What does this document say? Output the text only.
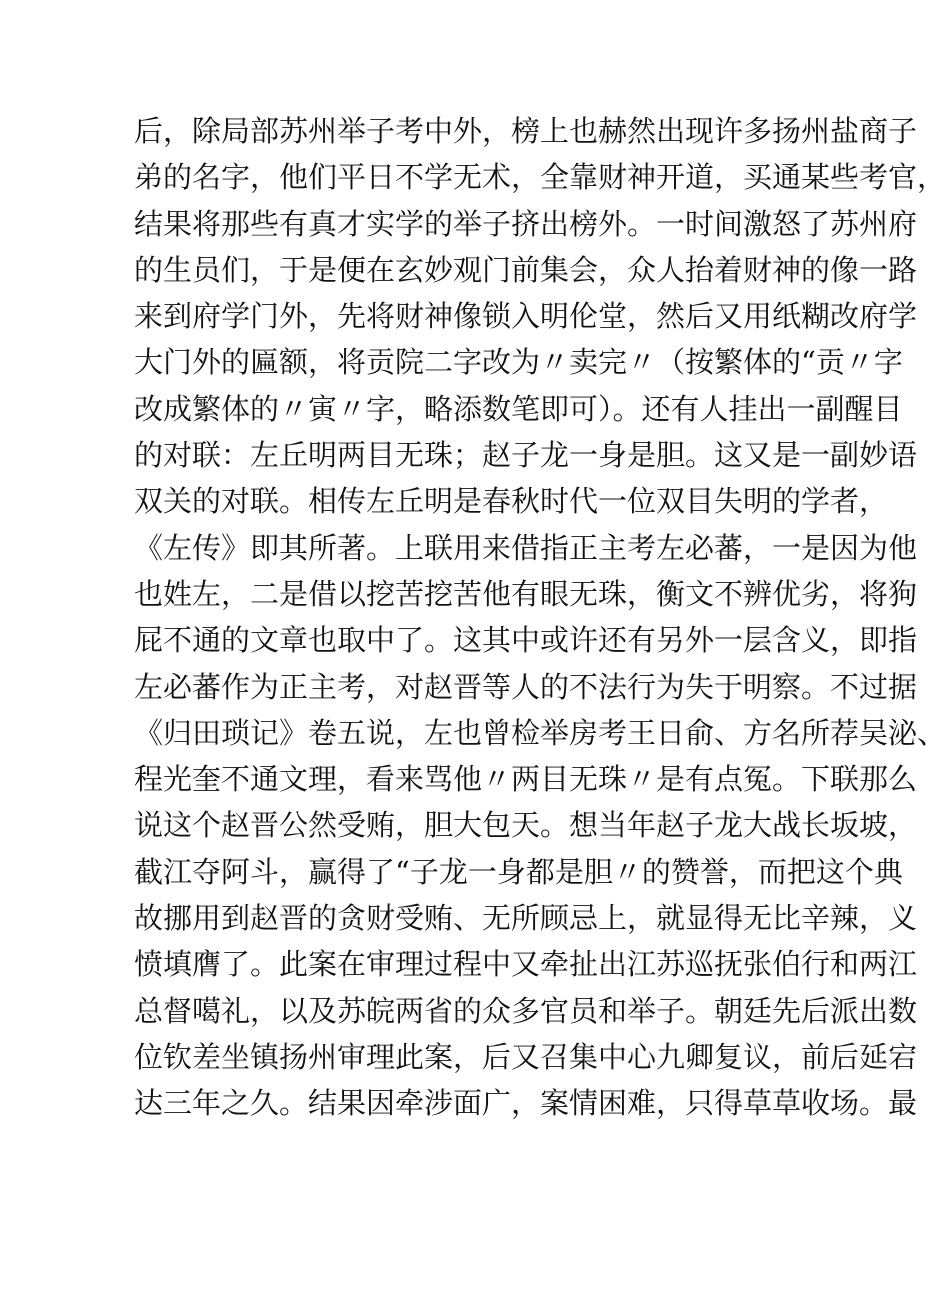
后，除局部苏州举子考中外，榜上也赫然出现许多扬州盐商子
弟的名字，他们平日不学无术，全靠财神开道，买通某些考官，
结果将那些有真才实学的举子挤出榜外。一时间激怒了苏州府
的生员们，于是便在玄妙观门前集会，众人抬着财神的像一路
来到府学门外，先将财神像锁入明伦堂，然后又用纸糊改府学
大门外的匾额，将贡院二字改为〃卖完〃（按繁体的“贡〃字
改成繁体的〃寅〃字，略添数笔即可）。还有人挂出一副醒目
的对联：左丘明两目无珠；赵子龙一身是胆。这又是一副妙语
双关的对联。相传左丘明是春秋时代一位双目失明的学者，
《左传》即其所著。上联用来借指正主考左必蕃，一是因为他
也姓左，二是借以挖苦挖苦他有眼无珠，衡文不辨优劣，将狗
屁不通的文章也取中了。这其中或许还有另外一层含义，即指
左必蕃作为正主考，对赵晋等人的不法行为失于明察。不过据
《归田琐记》卷五说，左也曾检举房考王日俞、方名所荐吴泌、
程光奎不通文理，看来骂他〃两目无珠〃是有点冤。下联那么
说这个赵晋公然受贿，胆大包天。想当年赵子龙大战长坂坡，
截江夺阿斗，赢得了“子龙一身都是胆〃的赞誉，而把这个典
故挪用到赵晋的贪财受贿、无所顾忌上，就显得无比辛辣，义
愤填膺了。此案在审理过程中又牵扯出江苏巡抚张伯行和两江
总督噶礼，以及苏皖两省的众多官员和举子。朝廷先后派出数
位钦差坐镇扬州审理此案，后又召集中心九卿复议，前后延宕
达三年之久。结果因牵涉面广，案情困难，只得草草收场。最
